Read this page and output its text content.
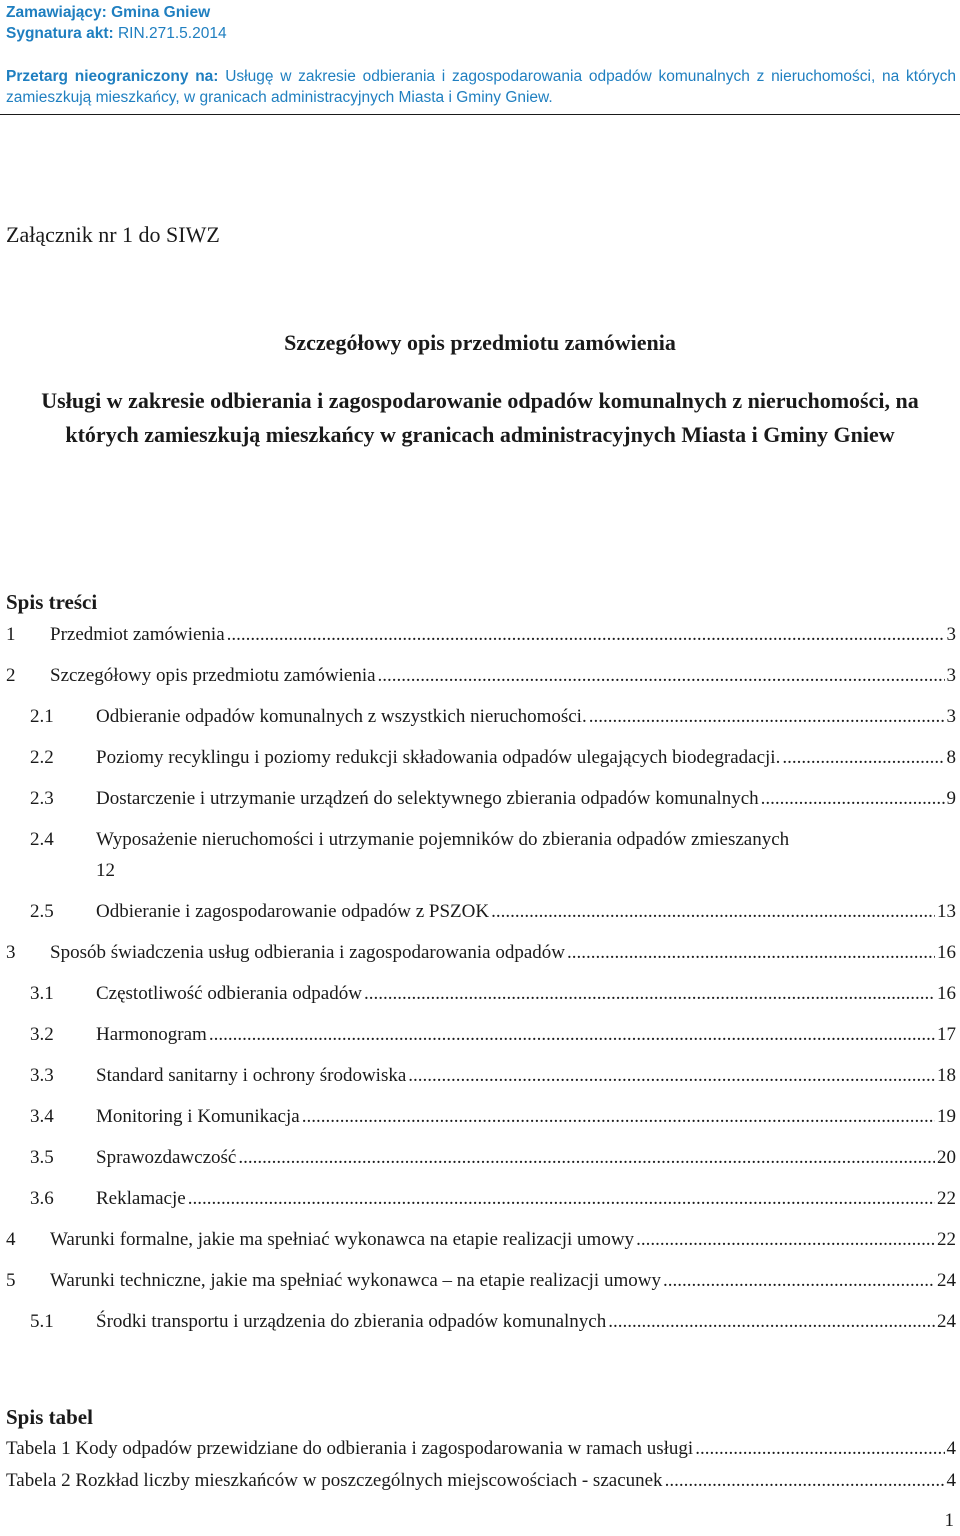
Zamawiający: Gmina Gniew
Sygnatura akt: RIN.271.5.2014
Przetarg nieograniczony na: Usługę w zakresie odbierania i zagospodarowania odpadów komunalnych z nieruchomości, na których zamieszkują mieszkańcy, w granicach administracyjnych Miasta i Gminy Gniew.
Załącznik nr 1 do SIWZ
Szczegółowy opis przedmiotu zamówienia
Usługi w zakresie odbierania i zagospodarowanie odpadów komunalnych z nieruchomości, na których zamieszkują mieszkańcy w granicach administracyjnych Miasta i Gminy Gniew
Spis treści
1 Przedmiot zamówienia .....	3
2 Szczegółowy opis przedmiotu zamówienia .....	3
2.1 Odbieranie odpadów komunalnych z wszystkich nieruchomości. .....	3
2.2 Poziomy recyklingu i poziomy redukcji składowania odpadów ulegających biodegradacji. .....	8
2.3 Dostarczenie i utrzymanie urządzeń do selektywnego zbierania odpadów komunalnych .....	9
2.4 Wyposażenie nieruchomości i utrzymanie pojemników do zbierania odpadów zmieszanych
12
2.5 Odbieranie i zagospodarowanie odpadów z PSZOK .....	13
3 Sposób świadczenia usług odbierania i zagospodarowania odpadów .....	16
3.1 Częstotliwość odbierania odpadów .....	16
3.2 Harmonogram .....	17
3.3 Standard sanitarny i ochrony środowiska .....	18
3.4 Monitoring i Komunikacja .....	19
3.5 Sprawozdawczość .....	20
3.6 Reklamacje .....	22
4 Warunki formalne, jakie ma spełniać wykonawca na etapie realizacji umowy .....	22
5 Warunki techniczne, jakie ma spełniać wykonawca – na etapie realizacji umowy .....	24
5.1 Środki transportu i urządzenia do zbierania odpadów komunalnych .....	24
Spis tabel
Tabela 1 Kody odpadów przewidziane do odbierania i zagospodarowania w ramach usługi .....	4
Tabela 2 Rozkład liczby mieszkańców w poszczególnych miejscowościach - szacunek .....	4
1
